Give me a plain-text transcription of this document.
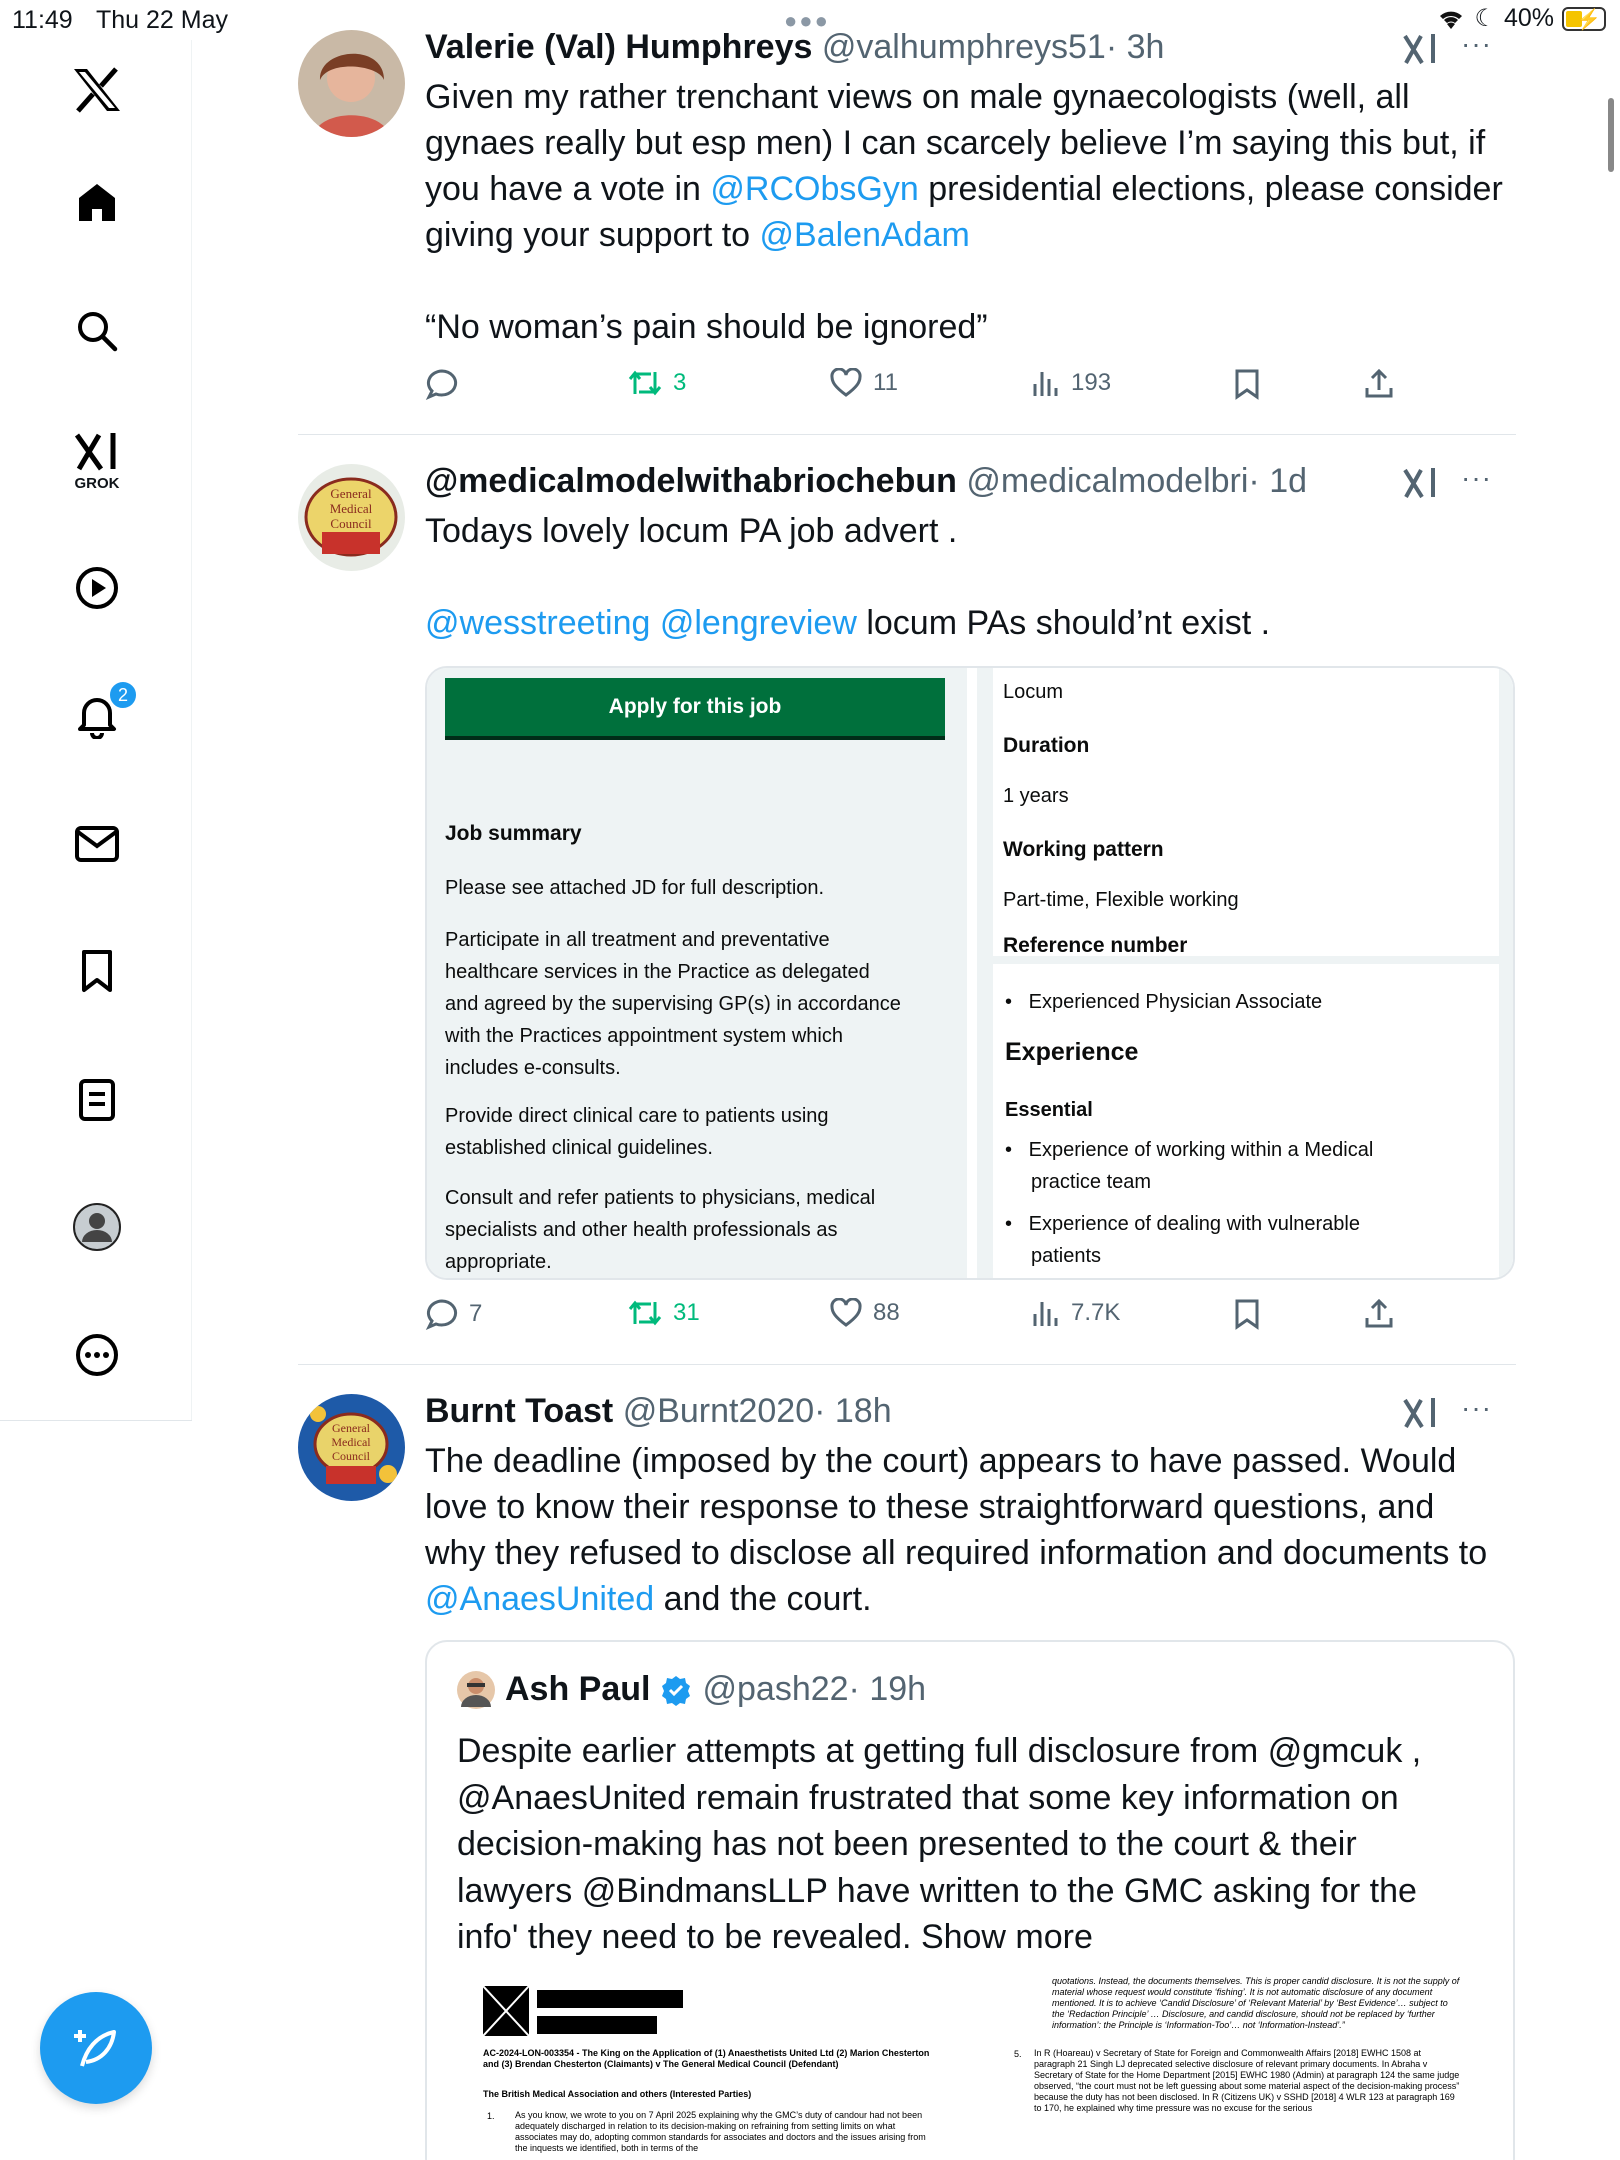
11:49 Thu 22 May	●●●	☾ 40% ⚡
GROK
2
Valerie (Val) Humphreys @valhumphreys51· 3h	···
Given my rather trenchant views on male gynaecologists (well, all
gynaes really but esp men) I can scarcely believe I’m saying this but, if
you have a vote in @RCObsGyn presidential elections, please consider
giving your support to @BalenAdam
“No woman’s pain should be ignored”
3	11	193
General
Medical
Council
@medicalmodelwithabriochebun @medicalmodelbri· 1d	···
Todays lovely locum PA job advert .
@wesstreeting @lengreview locum PAs should’nt exist .
Apply for this job
Job summary
Please see attached JD for full description.
Participate in all treatment and preventative
healthcare services in the Practice as delegated
and agreed by the supervising GP(s) in accordance
with the Practices appointment system which
includes e-consults.
Provide direct clinical care to patients using
established clinical guidelines.
Consult and refer patients to physicians, medical
specialists and other health professionals as
appropriate.
Locum
Duration
1 years
Working pattern
Part-time, Flexible working
Reference number
•   Experienced Physician Associate
Experience
Essential
•   Experience of working within a Medical
practice team
•   Experience of dealing with vulnerable
patients
7	31	88	7.7K
General
Medical
Council
Burnt Toast @Burnt2020· 18h	···
The deadline (imposed by the court) appears to have passed. Would
love to know their response to these straightforward questions, and
why they refused to disclose all required information and documents to
@AnaesUnited and the court.
Ash Paul @pash22 · 19h
Despite earlier attempts at getting full disclosure from @gmcuk ,
@AnaesUnited remain frustrated that some key information on
decision-making has not been presented to the court & their
lawyers @BindmansLLP have written to the GMC asking for the
info' they need to be revealed. Show more
AC-2024-LON-003354 - The King on the Application of (1) Anaesthetists United Ltd (2) Marion Chesterton and (3) Brendan Chesterton (Claimants) v The General Medical Council (Defendant)
The British Medical Association and others (Interested Parties)
1. As you know, we wrote to you on 7 April 2025 explaining why the GMC’s duty of candour had not been adequately discharged in relation to its decision-making on refraining from setting limits on what associates may do, adopting common standards for associates and doctors and the issues arising from the inquests we identified, both in terms of the
quotations. Instead, the documents themselves. This is proper candid disclosure. It is not the supply of material whose request would constitute ‘fishing’. It is not automatic disclosure of any document mentioned. It is to achieve ‘Candid Disclosure’ of ‘Relevant Material’ by ‘Best Evidence’… subject to the ‘Redaction Principle’ … Disclosure, and candid disclosure, should not be replaced by ‘further information’: the Principle is ‘Information-Too’… not ‘Information-Instead’.”
5. In R (Hoareau) v Secretary of State for Foreign and Commonwealth Affairs [2018] EWHC 1508 at paragraph 21 Singh LJ deprecated selective disclosure of relevant primary documents. In Abraha v Secretary of State for the Home Department [2015] EWHC 1980 (Admin) at paragraph 124 the same judge observed, “the court must not be left guessing about some material aspect of the decision-making process” because the duty has not been disclosed. In R (Citizens UK) v SSHD [2018] 4 WLR 123 at paragraph 169 to 170, he explained why time pressure was no excuse for the serious
